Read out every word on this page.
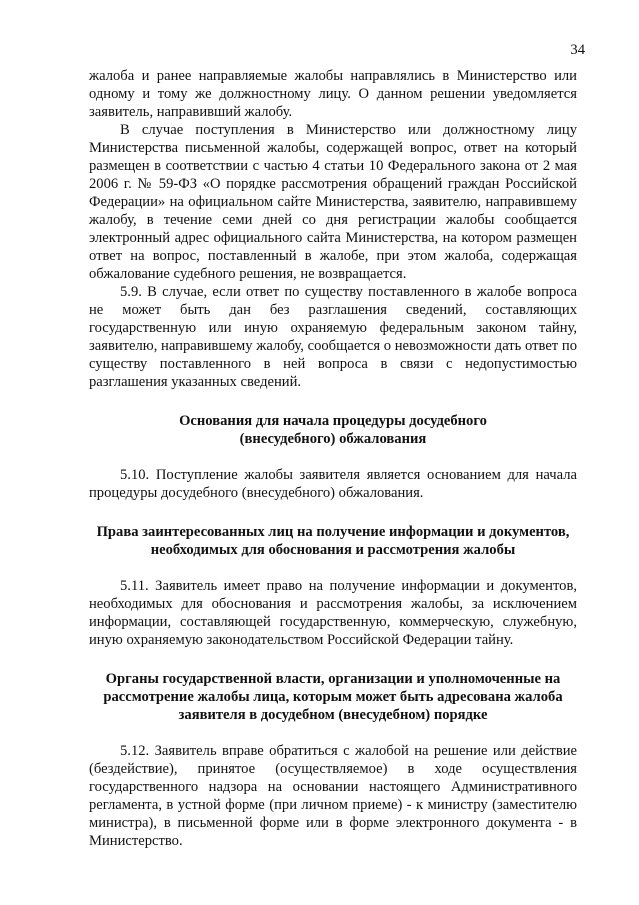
34

жалоба и ранее направляемые жалобы направлялись в Министерство или одному и тому же должностному лицу. О данном решении уведомляется заявитель, направивший жалобу.

В случае поступления в Министерство или должностному лицу Министерства письменной жалобы, содержащей вопрос, ответ на который размещен в соответствии с частью 4 статьи 10 Федерального закона от 2 мая 2006 г. № 59-ФЗ «О порядке рассмотрения обращений граждан Российской Федерации» на официальном сайте Министерства, заявителю, направившему жалобу, в течение семи дней со дня регистрации жалобы сообщается электронный адрес официального сайта Министерства, на котором размещен ответ на вопрос, поставленный в жалобе, при этом жалоба, содержащая обжалование судебного решения, не возвращается.

5.9. В случае, если ответ по существу поставленного в жалобе вопроса не может быть дан без разглашения сведений, составляющих государственную или иную охраняемую федеральным законом тайну, заявителю, направившему жалобу, сообщается о невозможности дать ответ по существу поставленного в ней вопроса в связи с недопустимостью разглашения указанных сведений.

Основания для начала процедуры досудебного (внесудебного) обжалования

5.10. Поступление жалобы заявителя является основанием для начала процедуры досудебного (внесудебного) обжалования.

Права заинтересованных лиц на получение информации и документов, необходимых для обоснования и рассмотрения жалобы

5.11. Заявитель имеет право на получение информации и документов, необходимых для обоснования и рассмотрения жалобы, за исключением информации, составляющей государственную, коммерческую, служебную, иную охраняемую законодательством Российской Федерации тайну.

Органы государственной власти, организации и уполномоченные на рассмотрение жалобы лица, которым может быть адресована жалоба заявителя в досудебном (внесудебном) порядке

5.12. Заявитель вправе обратиться с жалобой на решение или действие (бездействие), принятое (осуществляемое) в ходе осуществления государственного надзора на основании настоящего Административного регламента, в устной форме (при личном приеме) - к министру (заместителю министра), в письменной форме или в форме электронного документа - в Министерство.
